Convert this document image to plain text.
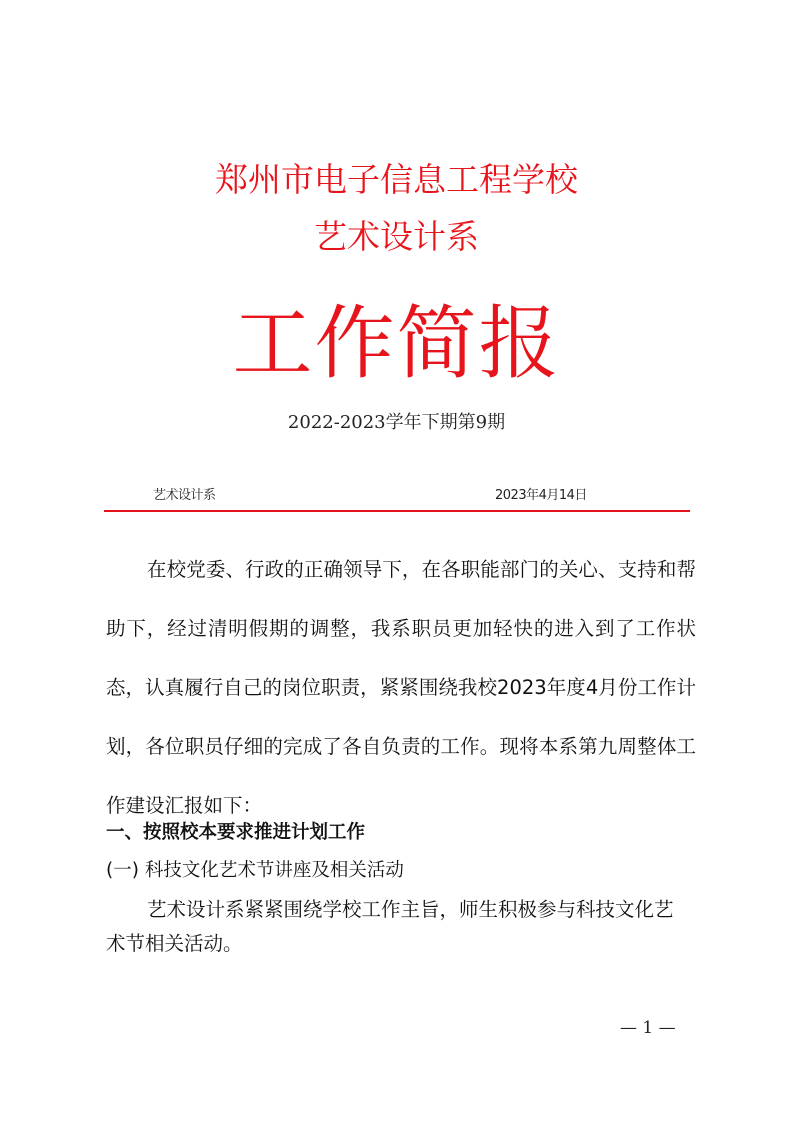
郑州市电子信息工程学校
艺术设计系
工作简报
2022-2023学年下期第9期
艺术设计系	2023年4月14日

在校党委、行政的正确领导下，在各职能部门的关心、支持和帮助下，经过清明假期的调整，我系职员更加轻快的进入到了工作状态，认真履行自己的岗位职责，紧紧围绕我校2023年度4月份工作计划，各位职员仔细的完成了各自负责的工作。现将本系第九周整体工作建设汇报如下：

一、按照校本要求推进计划工作
(一) 科技文化艺术节讲座及相关活动

艺术设计系紧紧围绕学校工作主旨，师生积极参与科技文化艺术节相关活动。

— 1 —
